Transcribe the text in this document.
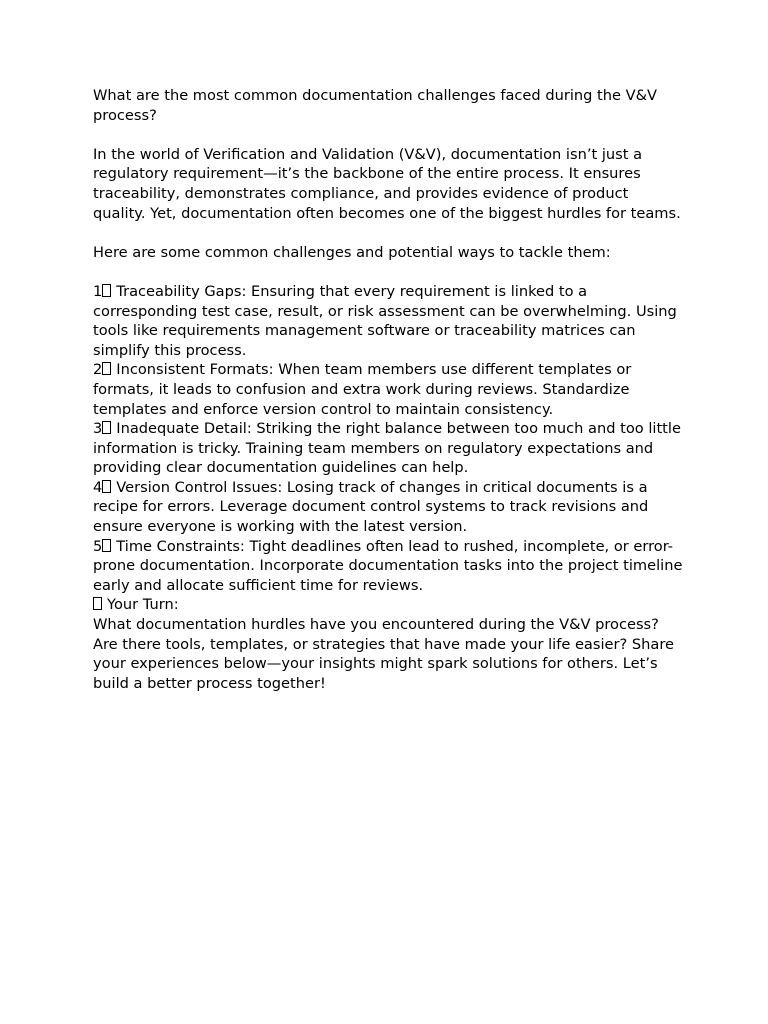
What are the most common documentation challenges faced during the V&V process?

In the world of Verification and Validation (V&V), documentation isn’t just a regulatory requirement—it’s the backbone of the entire process. It ensures traceability, demonstrates compliance, and provides evidence of product quality. Yet, documentation often becomes one of the biggest hurdles for teams.

Here are some common challenges and potential ways to tackle them:

1 Traceability Gaps: Ensuring that every requirement is linked to a corresponding test case, result, or risk assessment can be overwhelming. Using tools like requirements management software or traceability matrices can simplify this process.

2 Inconsistent Formats: When team members use different templates or formats, it leads to confusion and extra work during reviews. Standardize templates and enforce version control to maintain consistency.

3 Inadequate Detail: Striking the right balance between too much and too little information is tricky. Training team members on regulatory expectations and providing clear documentation guidelines can help.

4 Version Control Issues: Losing track of changes in critical documents is a recipe for errors. Leverage document control systems to track revisions and ensure everyone is working with the latest version.

5 Time Constraints: Tight deadlines often lead to rushed, incomplete, or error-prone documentation. Incorporate documentation tasks into the project timeline early and allocate sufficient time for reviews.

Your Turn:

What documentation hurdles have you encountered during the V&V process? Are there tools, templates, or strategies that have made your life easier? Share your experiences below—your insights might spark solutions for others. Let’s build a better process together!
